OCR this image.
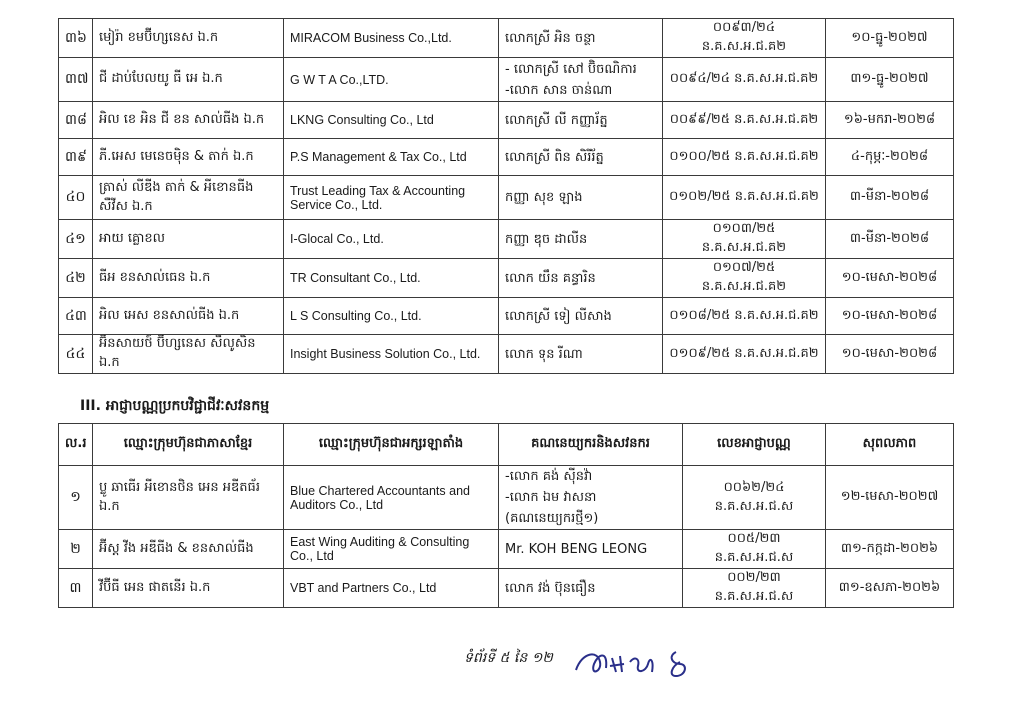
៣៦	មៀរ៉ា ខមប៊ីហ្សនេស ឯ.ក	MIRACOM Business Co.,Ltd.	លោកស្រី អិន ចន្ថា	០០៩៣/២៤ ន.គ.ស.អ.ជ.គ២	១០-ធ្នូ-២០២៧
៣៧	ជី ដាប់បែលយូ ធី អេ ឯ.ក	G W T A Co.,LTD.	- លោកស្រី សៅ ប៊ិចណិការ
-លោក សាន ចាន់ណា	០០៩៤/២៤ ន.គ.ស.អ.ជ.គ២	៣១-ធ្នូ-២០២៧
៣៨	អិល ខេ អិន ជី ខន សាល់ធីង ឯ.ក	LKNG Consulting Co., Ltd	លោកស្រី លី កញ្ញារ័ត្ន	០០៩៩/២៥ ន.គ.ស.អ.ជ.គ២	១៦-មករា-២០២៨
៣៩	ភី.អេស មេនេចម៉ិន & តាក់ ឯ.ក	P.S Management & Tax Co., Ltd	លោកស្រី ពិន សិរីរ័ត្ន	០១០០/២៥ ន.គ.ស.អ.ជ.គ២	៤-កុម្ភៈ-២០២៨
៤០	ត្រាស់ លីឌីង តាក់ & អីខោនធីង សឺវីស ឯ.ក	Trust Leading Tax & Accounting Service Co., Ltd.	កញ្ញា សុខ ឡាង	០១០២/២៥ ន.គ.ស.អ.ជ.គ២	៣-មីនា-២០២៨
៤១	អាយ គ្លោខល	I-Glocal Co., Ltd.	កញ្ញា ឌុច ដាលីន	០១០៣/២៥ ន.គ.ស.អ.ជ.គ២	៣-មីនា-២០២៨
៤២	ធីអ ខនសាល់ធេន ឯ.ក	TR Consultant Co., Ltd.	លោក យឹន គន្ធារិន	០១០៧/២៥ ន.គ.ស.អ.ជ.គ២	១០-មេសា-២០២៨
៤៣	អិល អេស ខនសាល់ធីង ឯ.ក	L S Consulting Co., Ltd.	លោកស្រី ទៀ លីសាង	០១០៨/២៥ ន.គ.ស.អ.ជ.គ២	១០-មេសា-២០២៨
៤៤	អ៊ិនសាយថ៍ ប៊ីហ្សនេស សឹលូសិន ឯ.ក	Insight Business Solution Co., Ltd.	លោក ទុន រីណា	០១០៩/២៥ ន.គ.ស.អ.ជ.គ២	១០-មេសា-២០២៨
III. អាជ្ញាបណ្ណប្រកបវិជ្ជាជីវៈសវនកម្ម
ល.រ	ឈ្មោះក្រុមហ៊ុនជាភាសាខ្មែរ	ឈ្មោះក្រុមហ៊ុនជាអក្សរឡាតាំង	គណនេយ្យករនិងសវនករ	លេខអាជ្ញាបណ្ណ	សុពលភាព
១	ប្លូ ឆាធើរ អីខោនថិន អេន អឌីតធ័រ ឯ.ក	Blue Chartered Accountants and Auditors Co., Ltd	-លោក គង់ ស៊ីនវ៉ា
-លោក ឯម វាសនា
(គណនេយ្យករថ្មី១)	០០៦២/២៤ ន.គ.ស.អ.ជ.ស	១២-មេសា-២០២៧
២	អ៊ីស្ត វីង អឌីធីង & ខនសាល់ធីង	East Wing Auditing & Consulting Co., Ltd	Mr. KOH BENG LEONG	០០៥/២៣ ន.គ.ស.អ.ជ.ស	៣១-កក្កដា-២០២៦
៣	វីប៊ីធី អេន ផាតនើរ ឯ.ក	VBT and Partners Co., Ltd	លោក វង់ ប៊ុនធឿន	០០២/២៣ ន.គ.ស.អ.ជ.ស	៣១-ឧសភា-២០២៦
ទំព័រទី ៥ នៃ ១២
